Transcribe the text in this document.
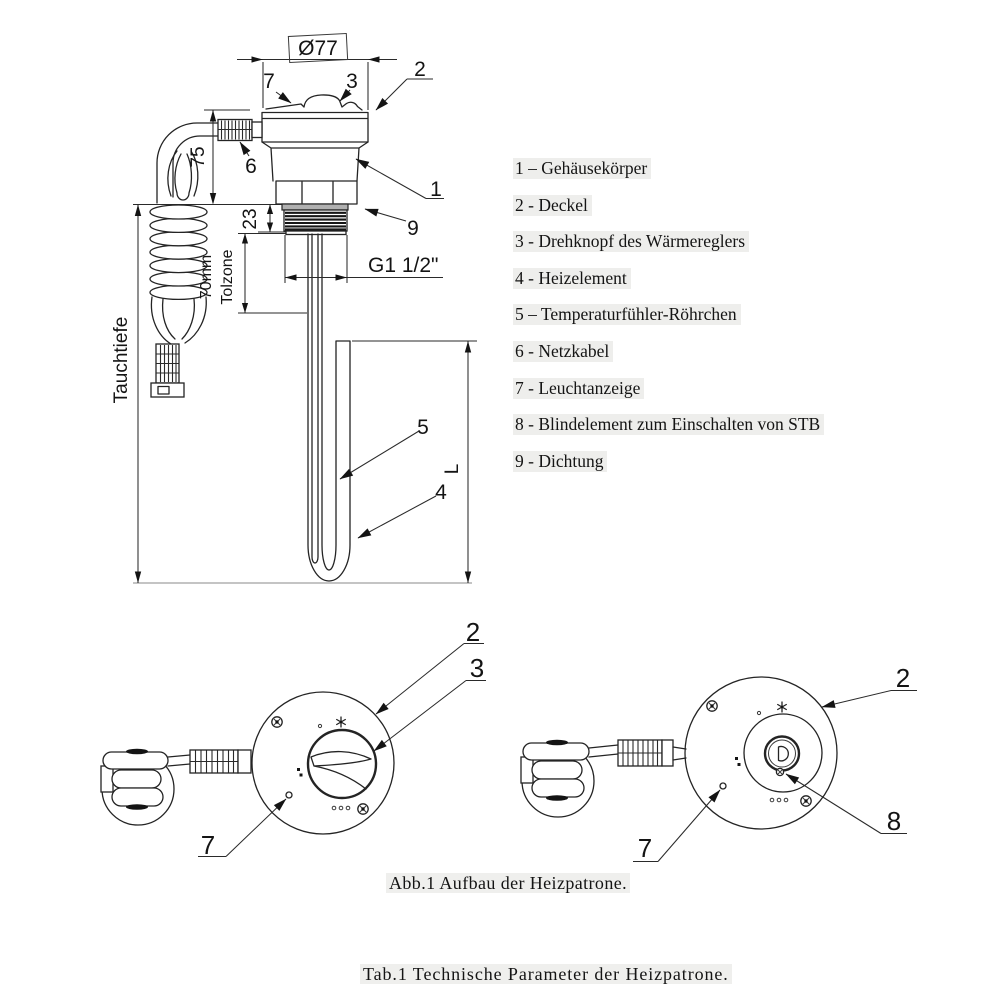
Ø77
75
23
70mm Tolzone
Tauchtiefe
L
G1 1/2"
7	3
2
6
1
9
5
4
2
3
7
2
8
7
1 – Gehäusekörper
2 - Deckel
3 - Drehknopf des Wärmereglers
4 - Heizelement
5 – Temperaturfühler-Röhrchen
6 - Netzkabel
7 - Leuchtanzeige
8 - Blindelement zum Einschalten von STB
9 - Dichtung
Abb.1 Aufbau der Heizpatrone.
Tab.1 Technische Parameter der Heizpatrone.
